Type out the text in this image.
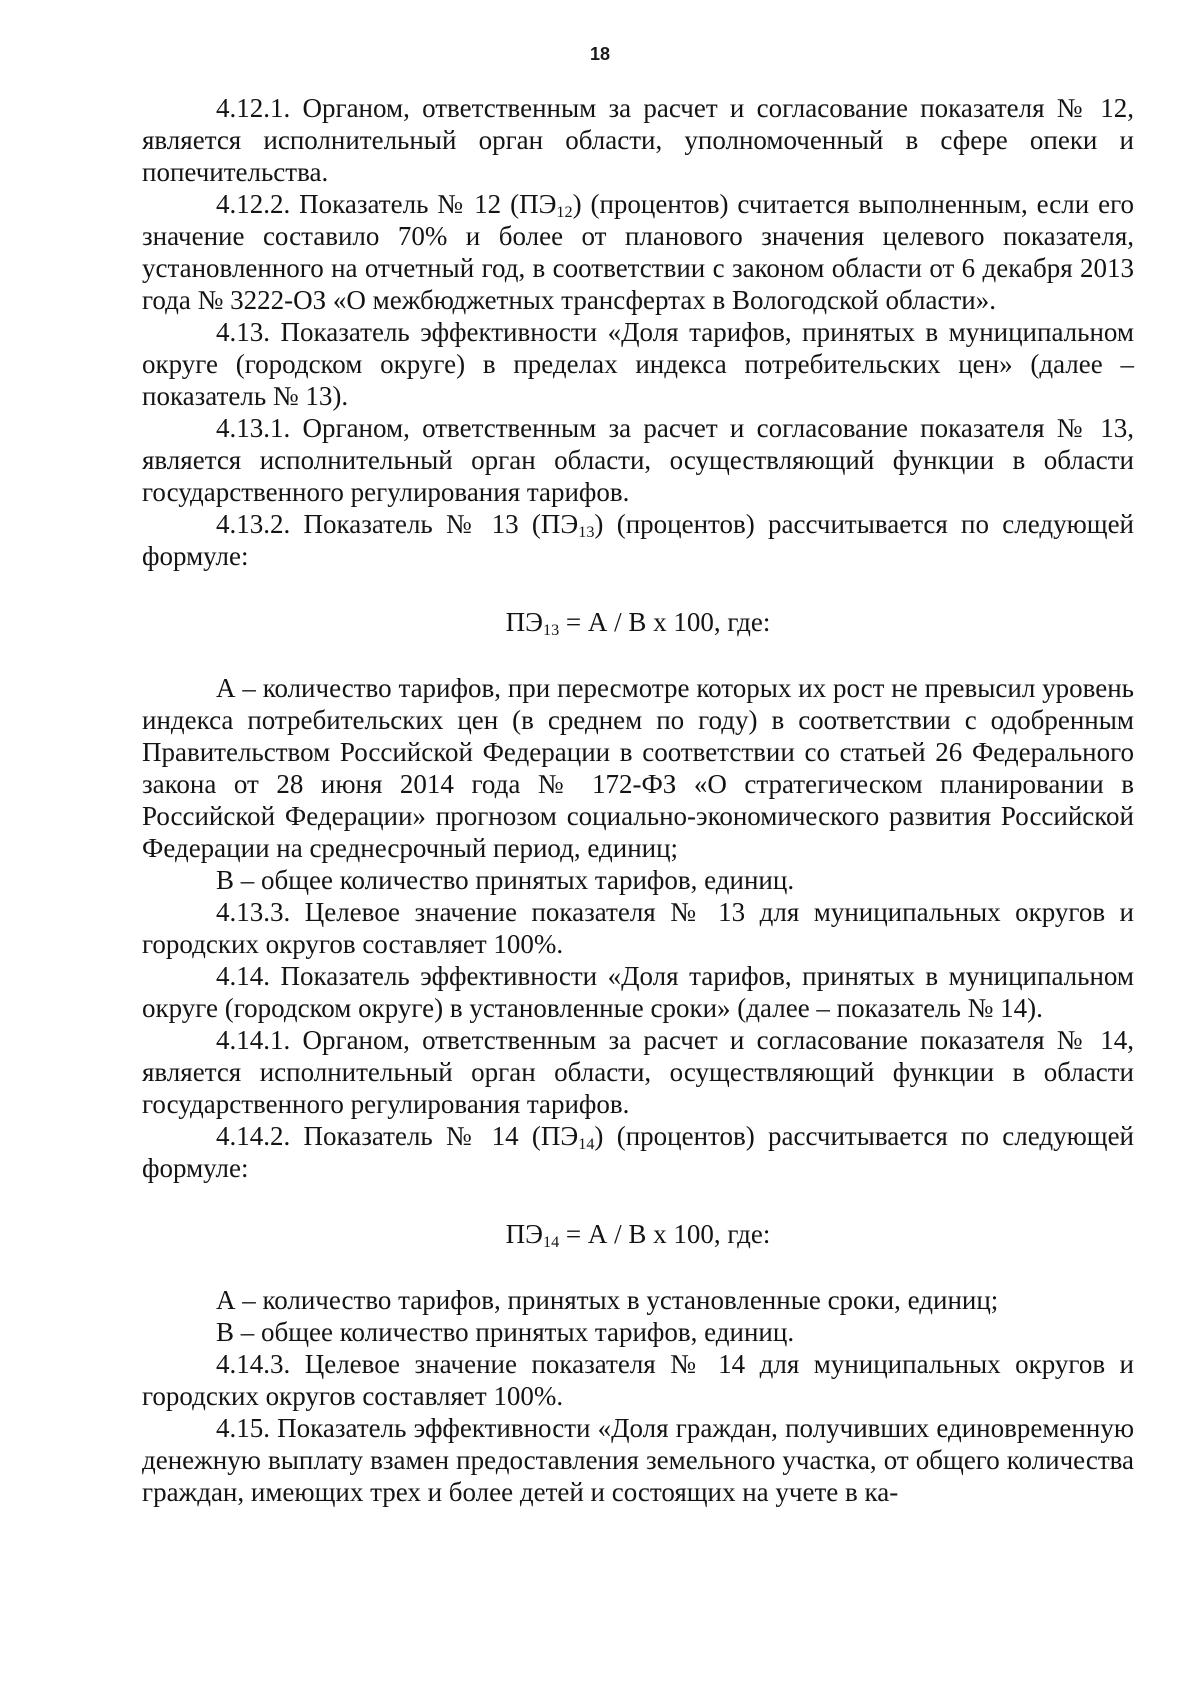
18

4.12.1. Органом, ответственным за расчет и согласование показателя № 12, является исполнительный орган области, уполномоченный в сфере опеки и попечительства.

4.12.2. Показатель № 12 $(ПЭ_{12})$ (процентов) считается выполненным, если его значение составило 70% и более от планового значения целевого показателя, установленного на отчетный год, в соответствии с законом области от 6 декабря 2013 года № 3222-ОЗ «О межбюджетных трансфертах в Вологодской области».

4.13. Показатель эффективности «Доля тарифов, принятых в муниципальном округе (городском округе) в пределах индекса потребительских цен» (далее – показатель № 13).

4.13.1. Органом, ответственным за расчет и согласование показателя № 13, является исполнительный орган области, осуществляющий функции в области государственного регулирования тарифов.

4.13.2. Показатель № 13 $(ПЭ_{13})$ (процентов) рассчитывается по следующей формуле:

$ПЭ_{13} = А / В$ х 100, где:

А – количество тарифов, при пересмотре которых их рост не превысил уровень индекса потребительских цен (в среднем по году) в соответствии с одобренным Правительством Российской Федерации в соответствии со статьей 26 Федерального закона от 28 июня 2014 года № 172-ФЗ «О стратегическом планировании в Российской Федерации» прогнозом социально-экономического развития Российской Федерации на среднесрочный период, единиц;

В – общее количество принятых тарифов, единиц.

4.13.3. Целевое значение показателя № 13 для муниципальных округов и городских округов составляет 100%.

4.14. Показатель эффективности «Доля тарифов, принятых в муниципальном округе (городском округе) в установленные сроки» (далее – показатель № 14).

4.14.1. Органом, ответственным за расчет и согласование показателя № 14, является исполнительный орган области, осуществляющий функции в области государственного регулирования тарифов.

4.14.2. Показатель № 14 $(ПЭ_{14})$ (процентов) рассчитывается по следующей формуле:

$ПЭ_{14} = А / В$ х 100, где:

А – количество тарифов, принятых в установленные сроки, единиц;

В – общее количество принятых тарифов, единиц.

4.14.3. Целевое значение показателя № 14 для муниципальных округов и городских округов составляет 100%.

4.15. Показатель эффективности «Доля граждан, получивших единовременную денежную выплату взамен предоставления земельного участка, от общего количества граждан, имеющих трех и более детей и состоящих на учете в ка-
